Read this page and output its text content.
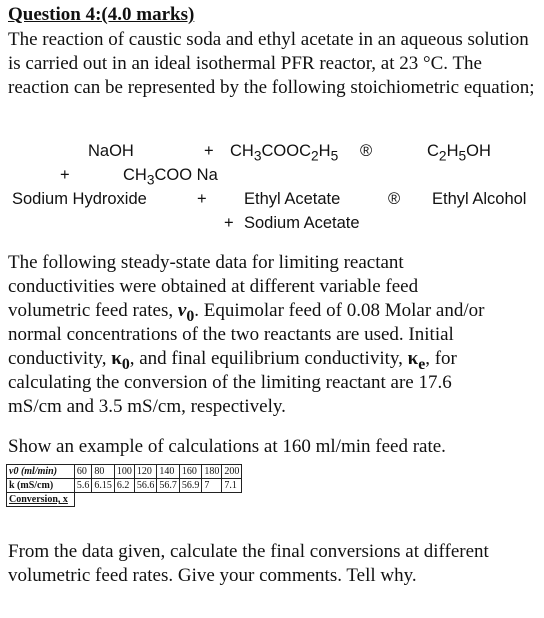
Question 4:(4.0 marks)
The reaction of caustic soda and ethyl acetate in an aqueous solution is carried out in an ideal isothermal PFR reactor, at 23 °C. The reaction can be represented by the following stoichiometric equation;
NaOH	+ $CH_3COOC_2H_5$ ®	$C_2H_5OH$
+	$CH_3COO$ Na
Sodium Hydroxide	+ Ethyl Acetate	® Ethyl Alcohol
+ Sodium Acetate
The following steady-state data for limiting reactant
conductivities were obtained at different variable feed
volumetric feed rates, $v_0$. Equimolar feed of 0.08 Molar and/or
normal concentrations of the two reactants are used. Initial
conductivity, $\kappa_0$, and final equilibrium conductivity, $\kappa_e$, for
calculating the conversion of the limiting reactant are 17.6
mS/cm and 3.5 mS/cm, respectively.
Show an example of calculations at 160 ml/min feed rate.
v0 (ml/min)	60	80	100	120	140	160	180	200
k (mS/cm)	5.6	6.15	6.2	56.6	56.7	56.9	7	7.1
Conversion, x								
From the data given, calculate the final conversions at different volumetric feed rates. Give your comments. Tell why.
